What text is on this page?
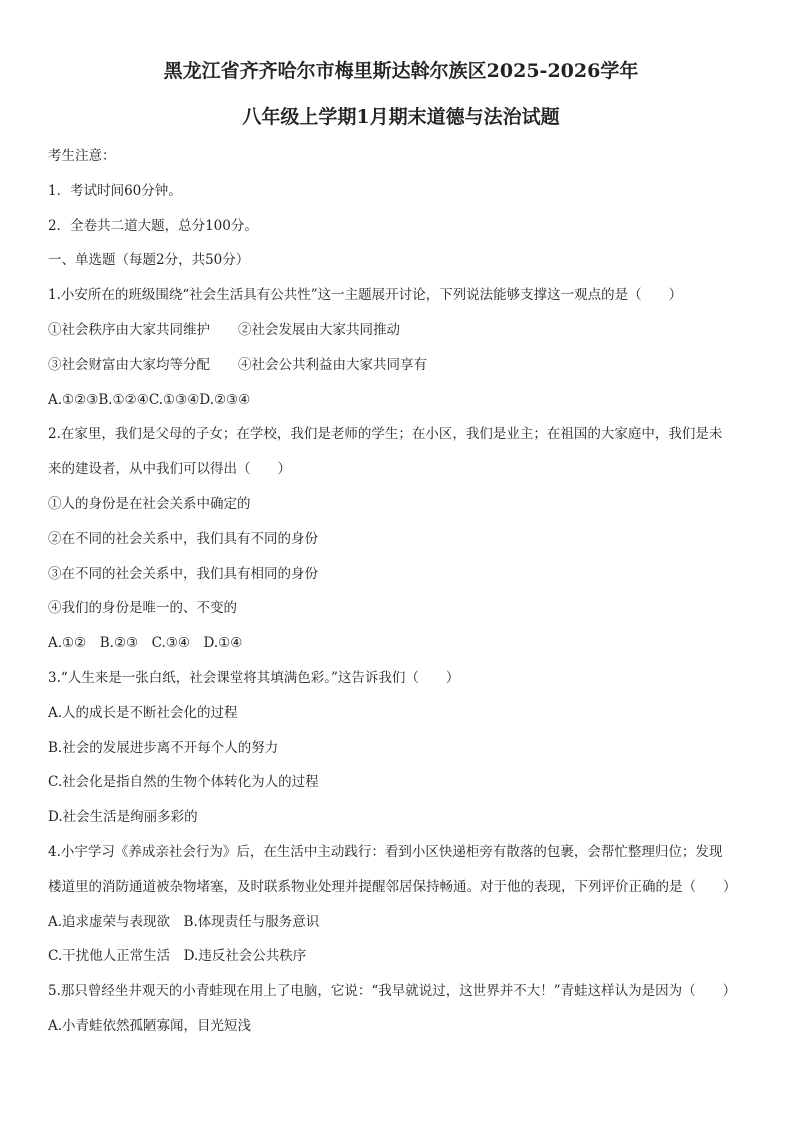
黑龙江省齐齐哈尔市梅里斯达斡尔族区2025-2026学年
八年级上学期1月期末道德与法治试题
考生注意：
1．考试时间60分钟。
2．全卷共二道大题，总分100分。
一、单选题（每题2分，共50分）
1.小安所在的班级围绕“社会生活具有公共性”这一主题展开讨论，下列说法能够支撑这一观点的是（　　）
①社会秩序由大家共同维护 ②社会发展由大家共同推动
③社会财富由大家均等分配 ④社会公共利益由大家共同享有
A.①②③B.①②④C.①③④D.②③④
2.在家里，我们是父母的子女；在学校，我们是老师的学生；在小区，我们是业主；在祖国的大家庭中，我们是未
来的建设者，从中我们可以得出（　　）
①人的身份是在社会关系中确定的
②在不同的社会关系中，我们具有不同的身份
③在不同的社会关系中，我们具有相同的身份
④我们的身份是唯一的、不变的
A.①②　B.②③　C.③④　D.①④
3.“人生来是一张白纸，社会课堂将其填满色彩。”这告诉我们（　　）
A.人的成长是不断社会化的过程
B.社会的发展进步离不开每个人的努力
C.社会化是指自然的生物个体转化为人的过程
D.社会生活是绚丽多彩的
4.小宇学习《养成亲社会行为》后，在生活中主动践行：看到小区快递柜旁有散落的包裹，会帮忙整理归位；发现
楼道里的消防通道被杂物堵塞，及时联系物业处理并提醒邻居保持畅通。对于他的表现，下列评价正确的是（　　）
A.追求虚荣与表现欲　B.体现责任与服务意识
C.干扰他人正常生活　D.违反社会公共秩序
5.那只曾经坐井观天的小青蛙现在用上了电脑，它说：“我早就说过，这世界并不大！”青蛙这样认为是因为（　　）
A.小青蛙依然孤陋寡闻，目光短浅
